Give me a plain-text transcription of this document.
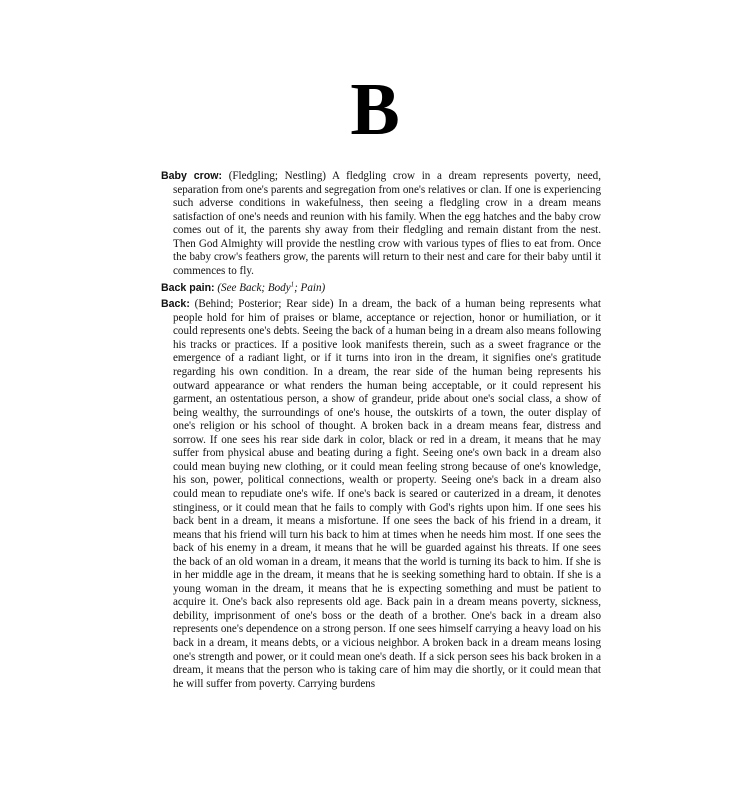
B

Baby crow: (Fledgling; Nestling) A fledgling crow in a dream represents poverty, need, separation from one's parents and segregation from one's relatives or clan. If one is experiencing such adverse conditions in wakefulness, then seeing a fledgling crow in a dream means satisfaction of one's needs and reunion with his family. When the egg hatches and the baby crow comes out of it, the parents shy away from their fledgling and remain distant from the nest. Then God Almighty will provide the nestling crow with various types of flies to eat from. Once the baby crow's feathers grow, the parents will return to their nest and care for their baby until it commences to fly.

Back pain: (See Back; Body$^1$; Pain)

Back: (Behind; Posterior; Rear side) In a dream, the back of a human being represents what people hold for him of praises or blame, acceptance or rejection, honor or humiliation, or it could represents one's debts. Seeing the back of a human being in a dream also means following his tracks or practices. If a positive look manifests therein, such as a sweet fragrance or the emergence of a radiant light, or if it turns into iron in the dream, it signifies one's gratitude regarding his own condition. In a dream, the rear side of the human being represents his outward appearance or what renders the human being acceptable, or it could represent his garment, an ostentatious person, a show of grandeur, pride about one's social class, a show of being wealthy, the surroundings of one's house, the outskirts of a town, the outer display of one's religion or his school of thought. A broken back in a dream means fear, distress and sorrow. If one sees his rear side dark in color, black or red in a dream, it means that he may suffer from physical abuse and beating during a fight. Seeing one's own back in a dream also could mean buying new clothing, or it could mean feeling strong because of one's knowledge, his son, power, political connections, wealth or property. Seeing one's back in a dream also could mean to repudiate one's wife. If one's back is seared or cauterized in a dream, it denotes stinginess, or it could mean that he fails to comply with God's rights upon him. If one sees his back bent in a dream, it means a misfortune. If one sees the back of his friend in a dream, it means that his friend will turn his back to him at times when he needs him most. If one sees the back of his enemy in a dream, it means that he will be guarded against his threats. If one sees the back of an old woman in a dream, it means that the world is turning its back to him. If she is in her middle age in the dream, it means that he is seeking something hard to obtain. If she is a young woman in the dream, it means that he is expecting something and must be patient to acquire it. One's back also represents old age. Back pain in a dream means poverty, sickness, debility, imprisonment of one's boss or the death of a brother. One's back in a dream also represents one's dependence on a strong person. If one sees himself carrying a heavy load on his back in a dream, it means debts, or a vicious neighbor. A broken back in a dream means losing one's strength and power, or it could mean one's death. If a sick person sees his back broken in a dream, it means that the person who is taking care of him may die shortly, or it could mean that he will suffer from poverty. Carrying burdens
